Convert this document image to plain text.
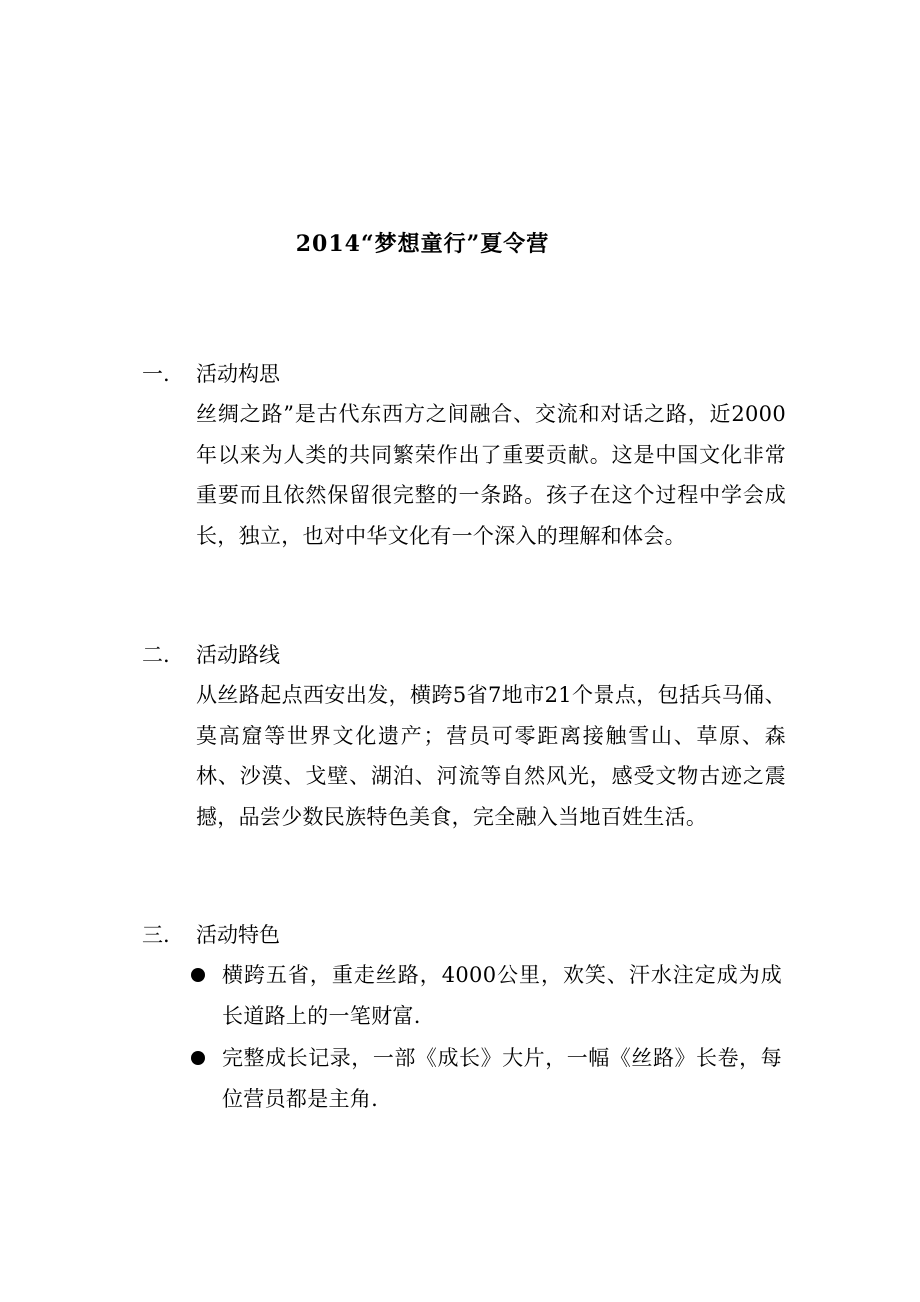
2014“梦想童行”夏令营
一. 活动构思
丝绸之路”是古代东西方之间融合、交流和对话之路，近2000年以来为人类的共同繁荣作出了重要贡献。这是中国文化非常重要而且依然保留很完整的一条路。孩子在这个过程中学会成长，独立，也对中华文化有一个深入的理解和体会。
二. 活动路线
从丝路起点西安出发，横跨5省7地市21个景点，包括兵马俑、莫高窟等世界文化遗产；营员可零距离接触雪山、草原、森林、沙漠、戈壁、湖泊、河流等自然风光，感受文物古迹之震撼，品尝少数民族特色美食，完全融入当地百姓生活。
三. 活动特色
横跨五省，重走丝路，4000公里，欢笑、汗水注定成为成长道路上的一笔财富.
完整成长记录，一部《成长》大片，一幅《丝路》长卷，每位营员都是主角.
